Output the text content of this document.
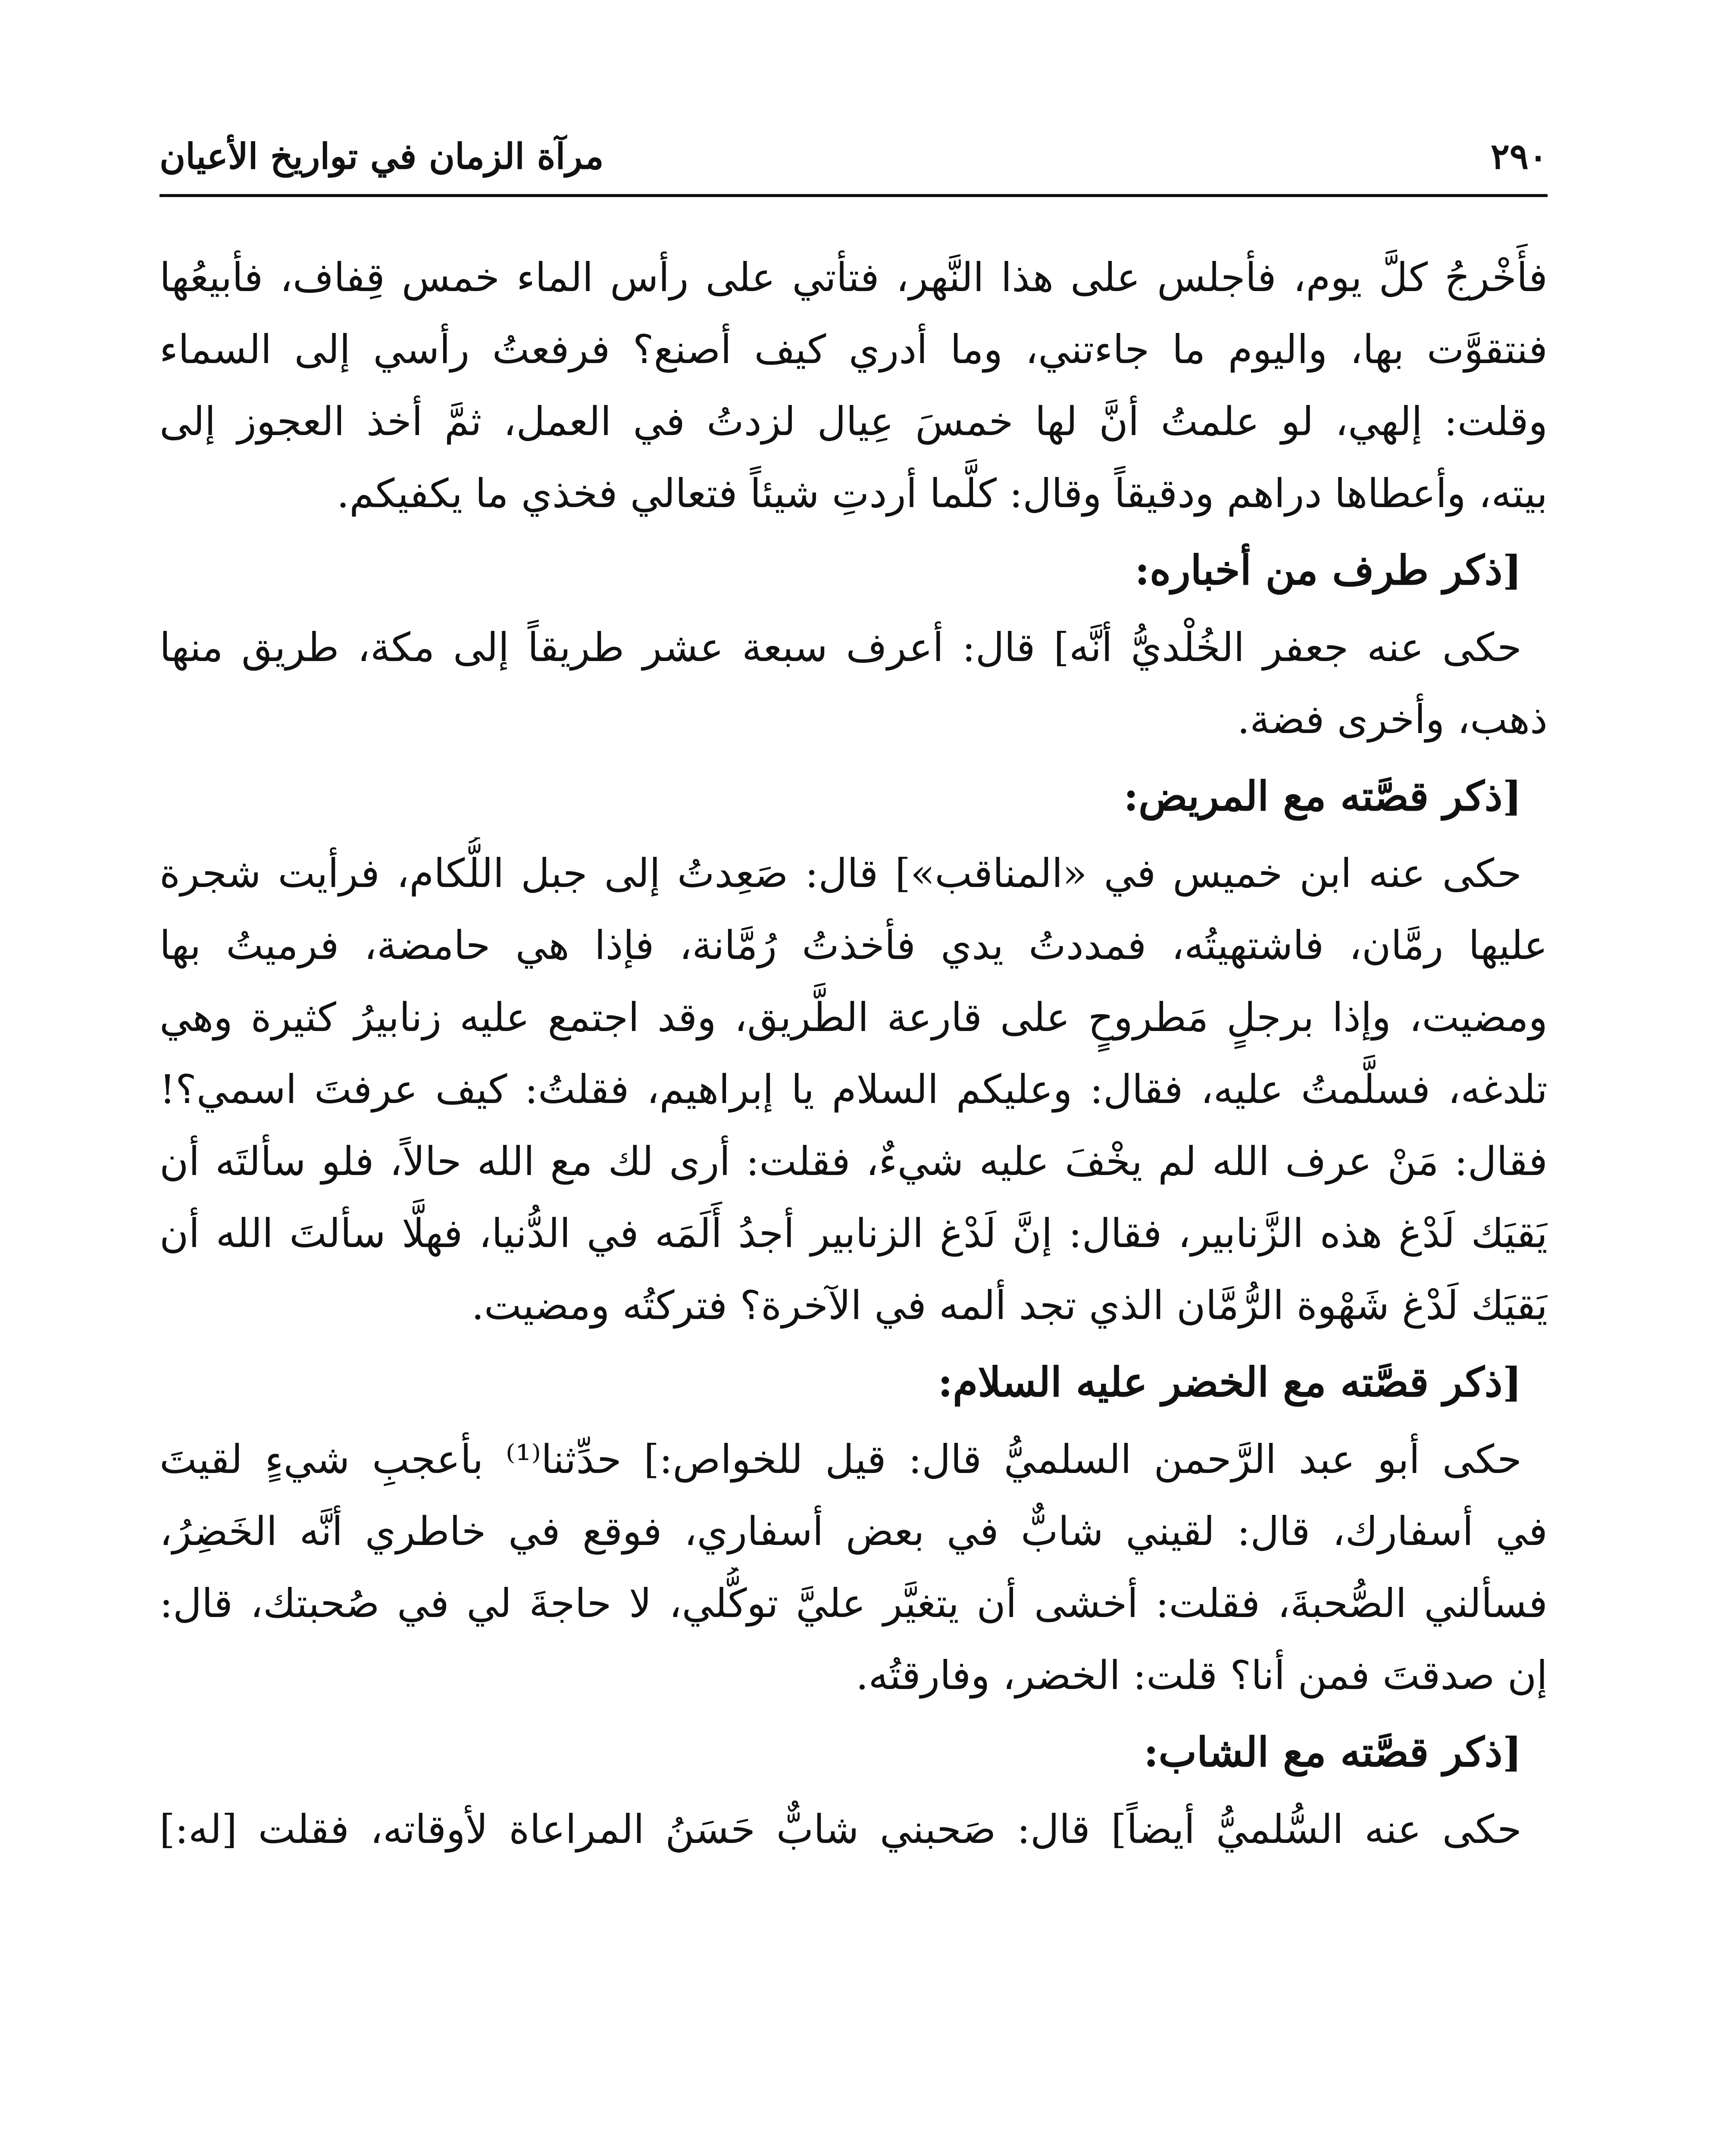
٢٩٠
مرآة الزمان في تواريخ الأعيان
فأَخْرجُ كلَّ يوم، فأجلس على هذا النَّهر، فتأتي على رأس الماء خمس قِفاف، فأبيعُها
فنتقوَّت بها، واليوم ما جاءتني، وما أدري كيف أصنع؟ فرفعتُ رأسي إلى السماء
وقلت: إلهي، لو علمتُ أنَّ لها خمسَ عِيال لزدتُ في العمل، ثمَّ أخذ العجوز إلى
بيته، وأعطاها دراهم ودقيقاً وقال: كلَّما أردتِ شيئاً فتعالي فخذي ما يكفيكم.
[ذكر طرف من أخباره:
حكى عنه جعفر الخُلْديُّ أنَّه] قال: أعرف سبعة عشر طريقاً إلى مكة، طريق منها
ذهب، وأخرى فضة.
[ذكر قصَّته مع المريض:
حكى عنه ابن خميس في «المناقب»] قال: صَعِدتُ إلى جبل اللُّكام، فرأيت شجرة
عليها رمَّان، فاشتهيتُه، فمددتُ يدي فأخذتُ رُمَّانة، فإذا هي حامضة، فرميتُ بها
ومضيت، وإذا برجلٍ مَطروحٍ على قارعة الطَّريق، وقد اجتمع عليه زنابيرُ كثيرة وهي
تلدغه، فسلَّمتُ عليه، فقال: وعليكم السلام يا إبراهيم، فقلتُ: كيف عرفتَ اسمي؟!
فقال: مَنْ عرف الله لم يخْفَ عليه شيءٌ، فقلت: أرى لك مع الله حالاً، فلو سألتَه أن
يَقيَك لَدْغ هذه الزَّنابير، فقال: إنَّ لَدْغ الزنابير أجدُ أَلَمَه في الدُّنيا، فهلَّا سألتَ الله أن
يَقيَك لَدْغ شَهْوة الرُّمَّان الذي تجد ألمه في الآخرة؟ فتركتُه ومضيت.
[ذكر قصَّته مع الخضر عليه السلام:
حكى أبو عبد الرَّحمن السلميُّ قال: قيل للخواص:] حدِّثنا⁽¹⁾ بأعجبِ شيءٍ لقيتَ
في أسفارك، قال: لقيني شابٌّ في بعض أسفاري، فوقع في خاطري أنَّه الخَضِرُ،
فسألني الصُّحبةَ، فقلت: أخشى أن يتغيَّر عليَّ توكُّلي، لا حاجةَ لي في صُحبتك، قال:
إن صدقتَ فمن أنا؟ قلت: الخضر، وفارقتُه.
[ذكر قصَّته مع الشاب:
حكى عنه السُّلميُّ أيضاً] قال: صَحبني شابٌّ حَسَنُ المراعاة لأوقاته، فقلت [له:]
